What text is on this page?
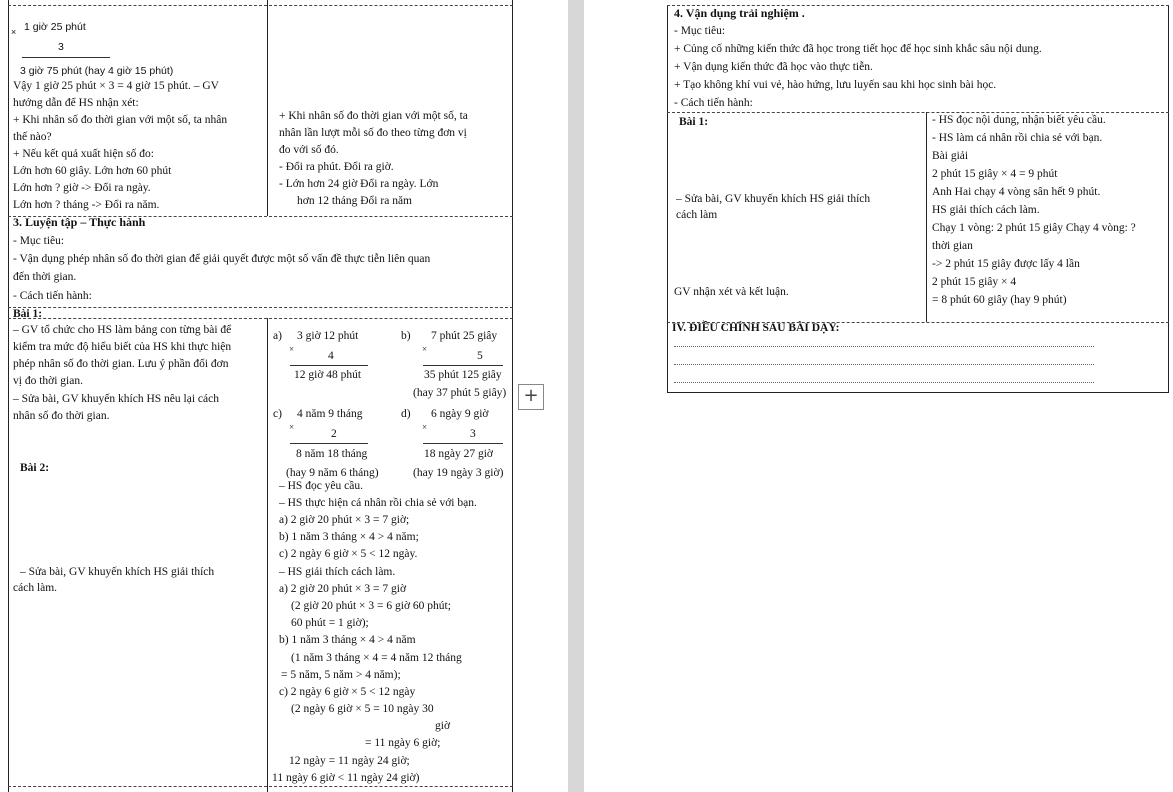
× 1 giờ 25 phút
3
3 giờ 75 phút (hay 4 giờ 15 phút)
Vậy 1 giờ 25 phút × 3 = 4 giờ 15 phút. – GV
hướng dẫn để HS nhận xét:
+ Khi nhân số đo thời gian với một số, ta nhân
thế nào?
+ Nếu kết quả xuất hiện số đo:
Lớn hơn 60 giây. Lớn hơn 60 phút
Lớn hơn ? giờ -> Đổi ra ngày.
Lớn hơn ? tháng -> Đổi ra năm.
+ Khi nhân số đo thời gian với một số, ta
nhân lần lượt mỗi số đo theo từng đơn vị
đo với số đó.
- Đổi ra phút. Đổi ra giờ.
- Lớn hơn 24 giờ Đổi ra ngày. Lớn
hơn 12 tháng Đổi ra năm
3. Luyện tập – Thực hành
- Mục tiêu:
- Vận dụng phép nhân số đo thời gian để giải quyết được một số vấn đề thực tiễn liên quan
đến thời gian.
- Cách tiến hành:
Bài 1:
– GV tổ chức cho HS làm bảng con từng bài để
kiểm tra mức độ hiểu biết của HS khi thực hiện
phép nhân số đo thời gian. Lưu ý phần đổi đơn
vị đo thời gian.
– Sửa bài, GV khuyến khích HS nêu lại cách
nhân số đo thời gian.
a) 3 giờ 12 phút
×
4
12 giờ 48 phút
b) 7 phút 25 giây
×
5
35 phút 125 giây
(hay 37 phút 5 giây)
c) 4 năm 9 tháng
×
2
8 năm 18 tháng
(hay 9 năm 6 tháng)
d) 6 ngày 9 giờ
×
3
18 ngày 27 giờ
(hay 19 ngày 3 giờ)
Bài 2:
– Sửa bài, GV khuyến khích HS giải thích
cách làm.
– HS đọc yêu cầu.
– HS thực hiện cá nhân rồi chia sẻ với bạn.
a) 2 giờ 20 phút × 3 = 7 giờ;
b) 1 năm 3 tháng × 4 > 4 năm;
c) 2 ngày 6 giờ × 5 < 12 ngày.
– HS giải thích cách làm.
a) 2 giờ 20 phút × 3 = 7 giờ
(2 giờ 20 phút × 3 = 6 giờ 60 phút;
60 phút = 1 giờ);
b) 1 năm 3 tháng × 4 > 4 năm
(1 năm 3 tháng × 4 = 4 năm 12 tháng
= 5 năm, 5 năm > 4 năm);
c) 2 ngày 6 giờ × 5 < 12 ngày
(2 ngày 6 giờ × 5 = 10 ngày 30
giờ
= 11 ngày 6 giờ;
12 ngày = 11 ngày 24 giờ;
11 ngày 6 giờ < 11 ngày 24 giờ)
+
4. Vận dụng trải nghiệm .
- Mục tiêu:
+ Củng cố những kiến thức đã học trong tiết học để học sinh khắc sâu nội dung.
+ Vận dụng kiến thức đã học vào thực tiễn.
+ Tạo không khí vui vẻ, hào hứng, lưu luyến sau khi học sinh bài học.
- Cách tiến hành:
Bài 1:
– Sửa bài, GV khuyến khích HS giải thích
cách làm
GV nhận xét và kết luận.
- HS đọc nội dung, nhận biết yêu cầu.
- HS làm cá nhân rồi chia sẻ với bạn.
Bài giải
2 phút 15 giây × 4 = 9 phút
Anh Hai chạy 4 vòng sân hết 9 phút.
HS giải thích cách làm.
Chạy 1 vòng: 2 phút 15 giây Chạy 4 vòng: ?
thời gian
-> 2 phút 15 giây được lấy 4 lần
2 phút 15 giây × 4
= 8 phút 60 giây (hay 9 phút)
IV. ĐIỀU CHỈNH SAU BÀI DẠY:
